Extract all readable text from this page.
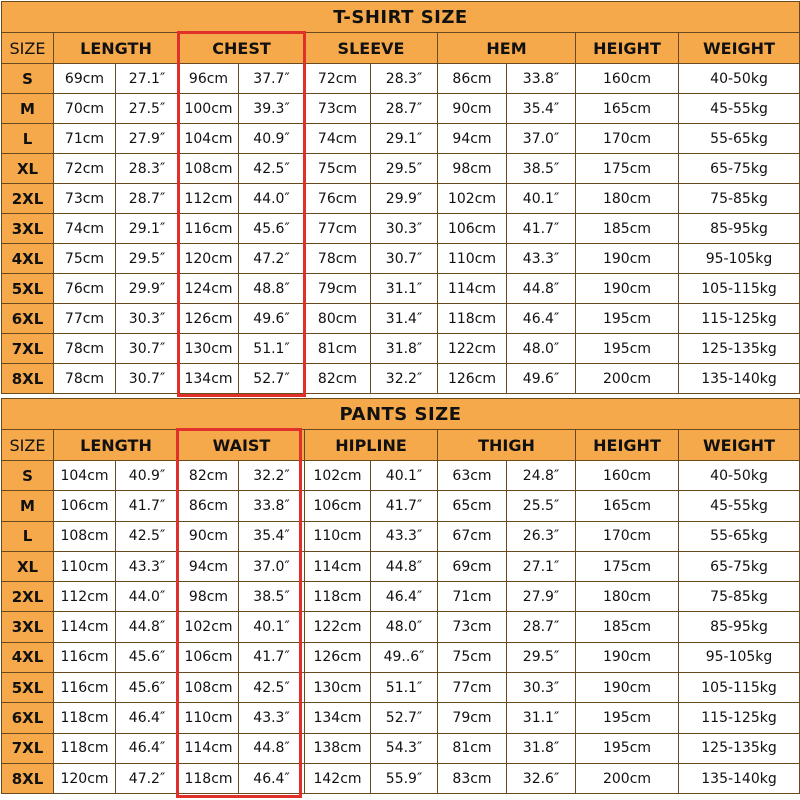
T-SHIRT SIZE										
SIZE	LENGTH		CHEST		SLEEVE		HEM		HEIGHT	WEIGHT
S	69cm	27.1″	96cm	37.7″	72cm	28.3″	86cm	33.8″	160cm	40-50kg
M	70cm	27.5″	100cm	39.3″	73cm	28.7″	90cm	35.4″	165cm	45-55kg
L	71cm	27.9″	104cm	40.9″	74cm	29.1″	94cm	37.0″	170cm	55-65kg
XL	72cm	28.3″	108cm	42.5″	75cm	29.5″	98cm	38.5″	175cm	65-75kg
2XL	73cm	28.7″	112cm	44.0″	76cm	29.9″	102cm	40.1″	180cm	75-85kg
3XL	74cm	29.1″	116cm	45.6″	77cm	30.3″	106cm	41.7″	185cm	85-95kg
4XL	75cm	29.5″	120cm	47.2″	78cm	30.7″	110cm	43.3″	190cm	95-105kg
5XL	76cm	29.9″	124cm	48.8″	79cm	31.1″	114cm	44.8″	190cm	105-115kg
6XL	77cm	30.3″	126cm	49.6″	80cm	31.4″	118cm	46.4″	195cm	115-125kg
7XL	78cm	30.7″	130cm	51.1″	81cm	31.8″	122cm	48.0″	195cm	125-135kg
8XL	78cm	30.7″	134cm	52.7″	82cm	32.2″	126cm	49.6″	200cm	135-140kg
PANTS SIZE										
SIZE	LENGTH		WAIST		HIPLINE		THIGH		HEIGHT	WEIGHT
S	104cm	40.9″	82cm	32.2″	102cm	40.1″	63cm	24.8″	160cm	40-50kg
M	106cm	41.7″	86cm	33.8″	106cm	41.7″	65cm	25.5″	165cm	45-55kg
L	108cm	42.5″	90cm	35.4″	110cm	43.3″	67cm	26.3″	170cm	55-65kg
XL	110cm	43.3″	94cm	37.0″	114cm	44.8″	69cm	27.1″	175cm	65-75kg
2XL	112cm	44.0″	98cm	38.5″	118cm	46.4″	71cm	27.9″	180cm	75-85kg
3XL	114cm	44.8″	102cm	40.1″	122cm	48.0″	73cm	28.7″	185cm	85-95kg
4XL	116cm	45.6″	106cm	41.7″	126cm	49..6″	75cm	29.5″	190cm	95-105kg
5XL	116cm	45.6″	108cm	42.5″	130cm	51.1″	77cm	30.3″	190cm	105-115kg
6XL	118cm	46.4″	110cm	43.3″	134cm	52.7″	79cm	31.1″	195cm	115-125kg
7XL	118cm	46.4″	114cm	44.8″	138cm	54.3″	81cm	31.8″	195cm	125-135kg
8XL	120cm	47.2″	118cm	46.4″	142cm	55.9″	83cm	32.6″	200cm	135-140kg
